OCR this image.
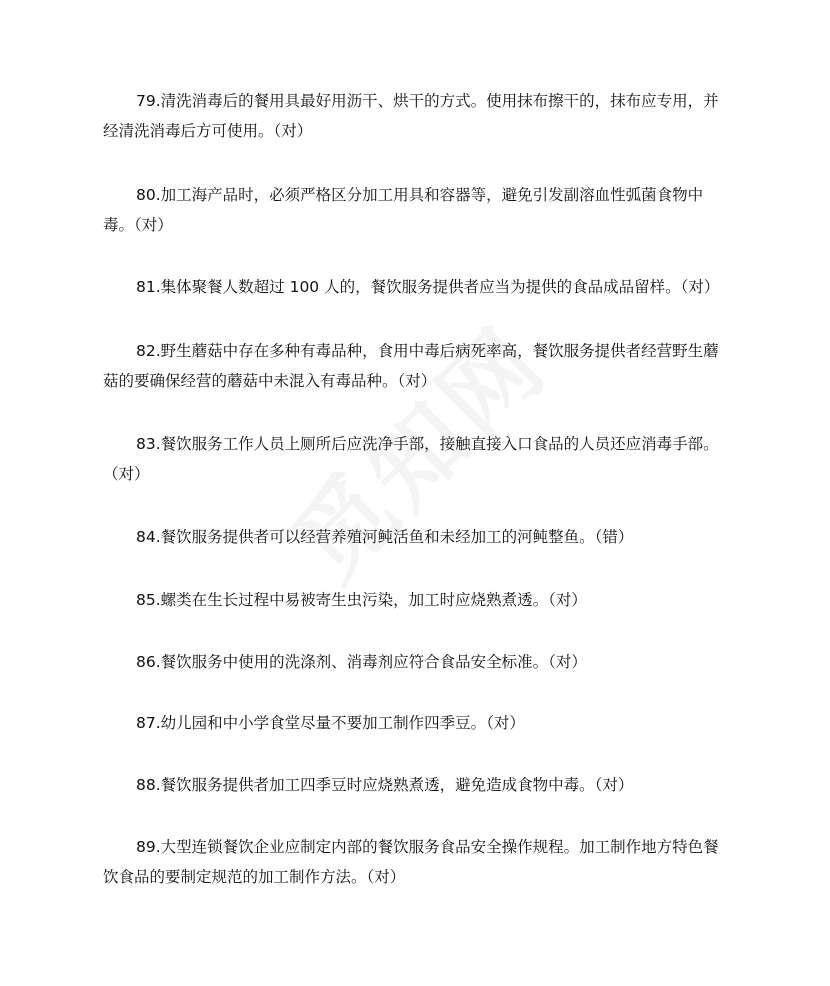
79.清洗消毒后的餐用具最好用沥干、烘干的方式。使用抹布擦干的，抹布应专用，并经清洗消毒后方可使用。（对）

80.加工海产品时，必须严格区分加工用具和容器等，避免引发副溶血性弧菌食物中毒。（对）

81.集体聚餐人数超过 100 人的，餐饮服务提供者应当为提供的食品成品留样。（对）

82.野生蘑菇中存在多种有毒品种，食用中毒后病死率高，餐饮服务提供者经营野生蘑菇的要确保经营的蘑菇中未混入有毒品种。（对）

83.餐饮服务工作人员上厕所后应洗净手部，接触直接入口食品的人员还应消毒手部。（对）

84.餐饮服务提供者可以经营养殖河鲀活鱼和未经加工的河鲀整鱼。（错）

85.螺类在生长过程中易被寄生虫污染，加工时应烧熟煮透。（对）

86.餐饮服务中使用的洗涤剂、消毒剂应符合食品安全标准。（对）

87.幼儿园和中小学食堂尽量不要加工制作四季豆。（对）

88.餐饮服务提供者加工四季豆时应烧熟煮透，避免造成食物中毒。（对）

89.大型连锁餐饮企业应制定内部的餐饮服务食品安全操作规程。加工制作地方特色餐饮食品的要制定规范的加工制作方法。（对）
